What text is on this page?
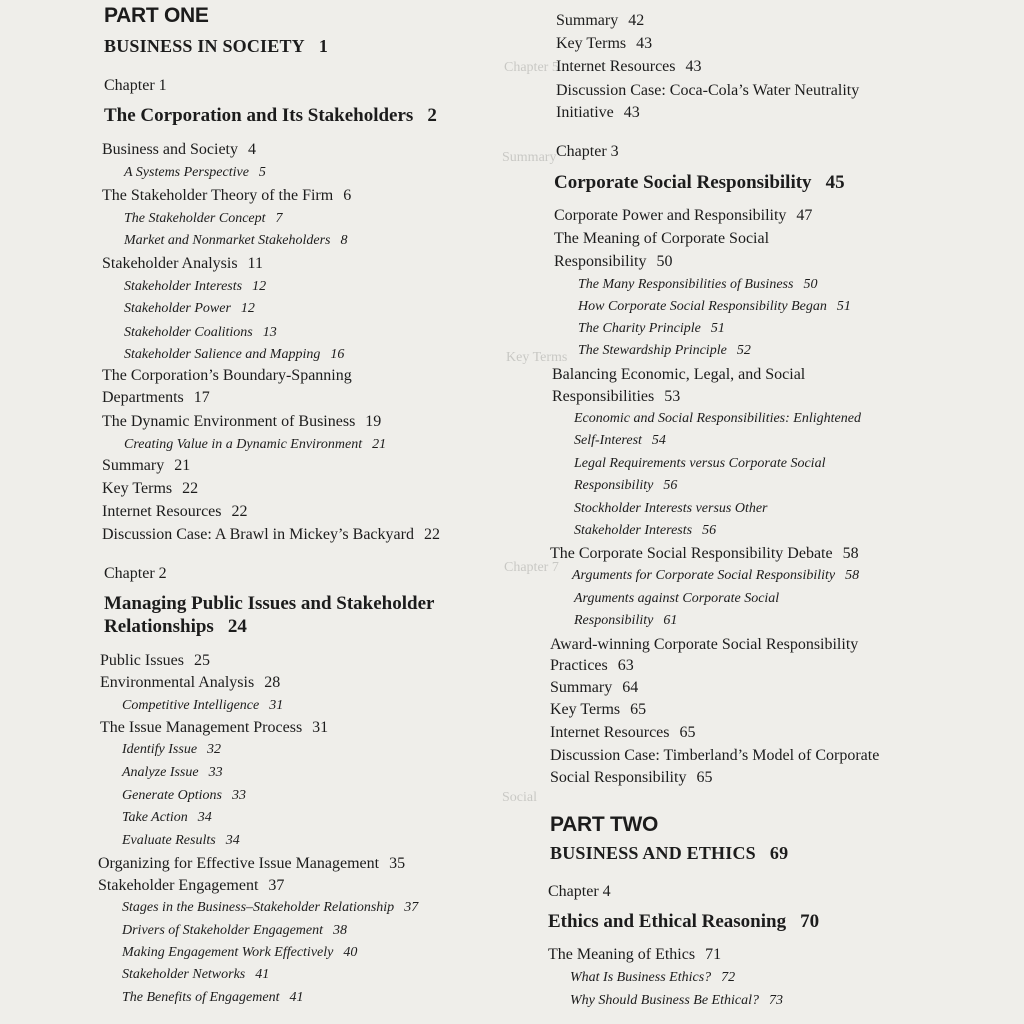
Chapter 5
Summary
Key Terms
Chapter 7
Social
PART ONE
BUSINESS IN SOCIETY 1
Chapter 1
The Corporation and Its Stakeholders 2
Business and Society 4
A Systems Perspective 5
The Stakeholder Theory of the Firm 6
The Stakeholder Concept 7
Market and Nonmarket Stakeholders 8
Stakeholder Analysis 11
Stakeholder Interests 12
Stakeholder Power 12
Stakeholder Coalitions 13
Stakeholder Salience and Mapping 16
The Corporation’s Boundary-Spanning
Departments 17
The Dynamic Environment of Business 19
Creating Value in a Dynamic Environment 21
Summary 21
Key Terms 22
Internet Resources 22
Discussion Case: A Brawl in Mickey’s Backyard 22
Chapter 2
Managing Public Issues and Stakeholder
Relationships 24
Public Issues 25
Environmental Analysis 28
Competitive Intelligence 31
The Issue Management Process 31
Identify Issue 32
Analyze Issue 33
Generate Options 33
Take Action 34
Evaluate Results 34
Organizing for Effective Issue Management 35
Stakeholder Engagement 37
Stages in the Business–Stakeholder Relationship 37
Drivers of Stakeholder Engagement 38
Making Engagement Work Effectively 40
Stakeholder Networks 41
The Benefits of Engagement 41
Summary 42
Key Terms 43
Internet Resources 43
Discussion Case: Coca-Cola’s Water Neutrality
Initiative 43
Chapter 3
Corporate Social Responsibility 45
Corporate Power and Responsibility 47
The Meaning of Corporate Social
Responsibility 50
The Many Responsibilities of Business 50
How Corporate Social Responsibility Began 51
The Charity Principle 51
The Stewardship Principle 52
Balancing Economic, Legal, and Social
Responsibilities 53
Economic and Social Responsibilities: Enlightened
Self-Interest 54
Legal Requirements versus Corporate Social
Responsibility 56
Stockholder Interests versus Other
Stakeholder Interests 56
The Corporate Social Responsibility Debate 58
Arguments for Corporate Social Responsibility 58
Arguments against Corporate Social
Responsibility 61
Award-winning Corporate Social Responsibility
Practices 63
Summary 64
Key Terms 65
Internet Resources 65
Discussion Case: Timberland’s Model of Corporate
Social Responsibility 65
PART TWO
BUSINESS AND ETHICS 69
Chapter 4
Ethics and Ethical Reasoning 70
The Meaning of Ethics 71
What Is Business Ethics? 72
Why Should Business Be Ethical? 73
